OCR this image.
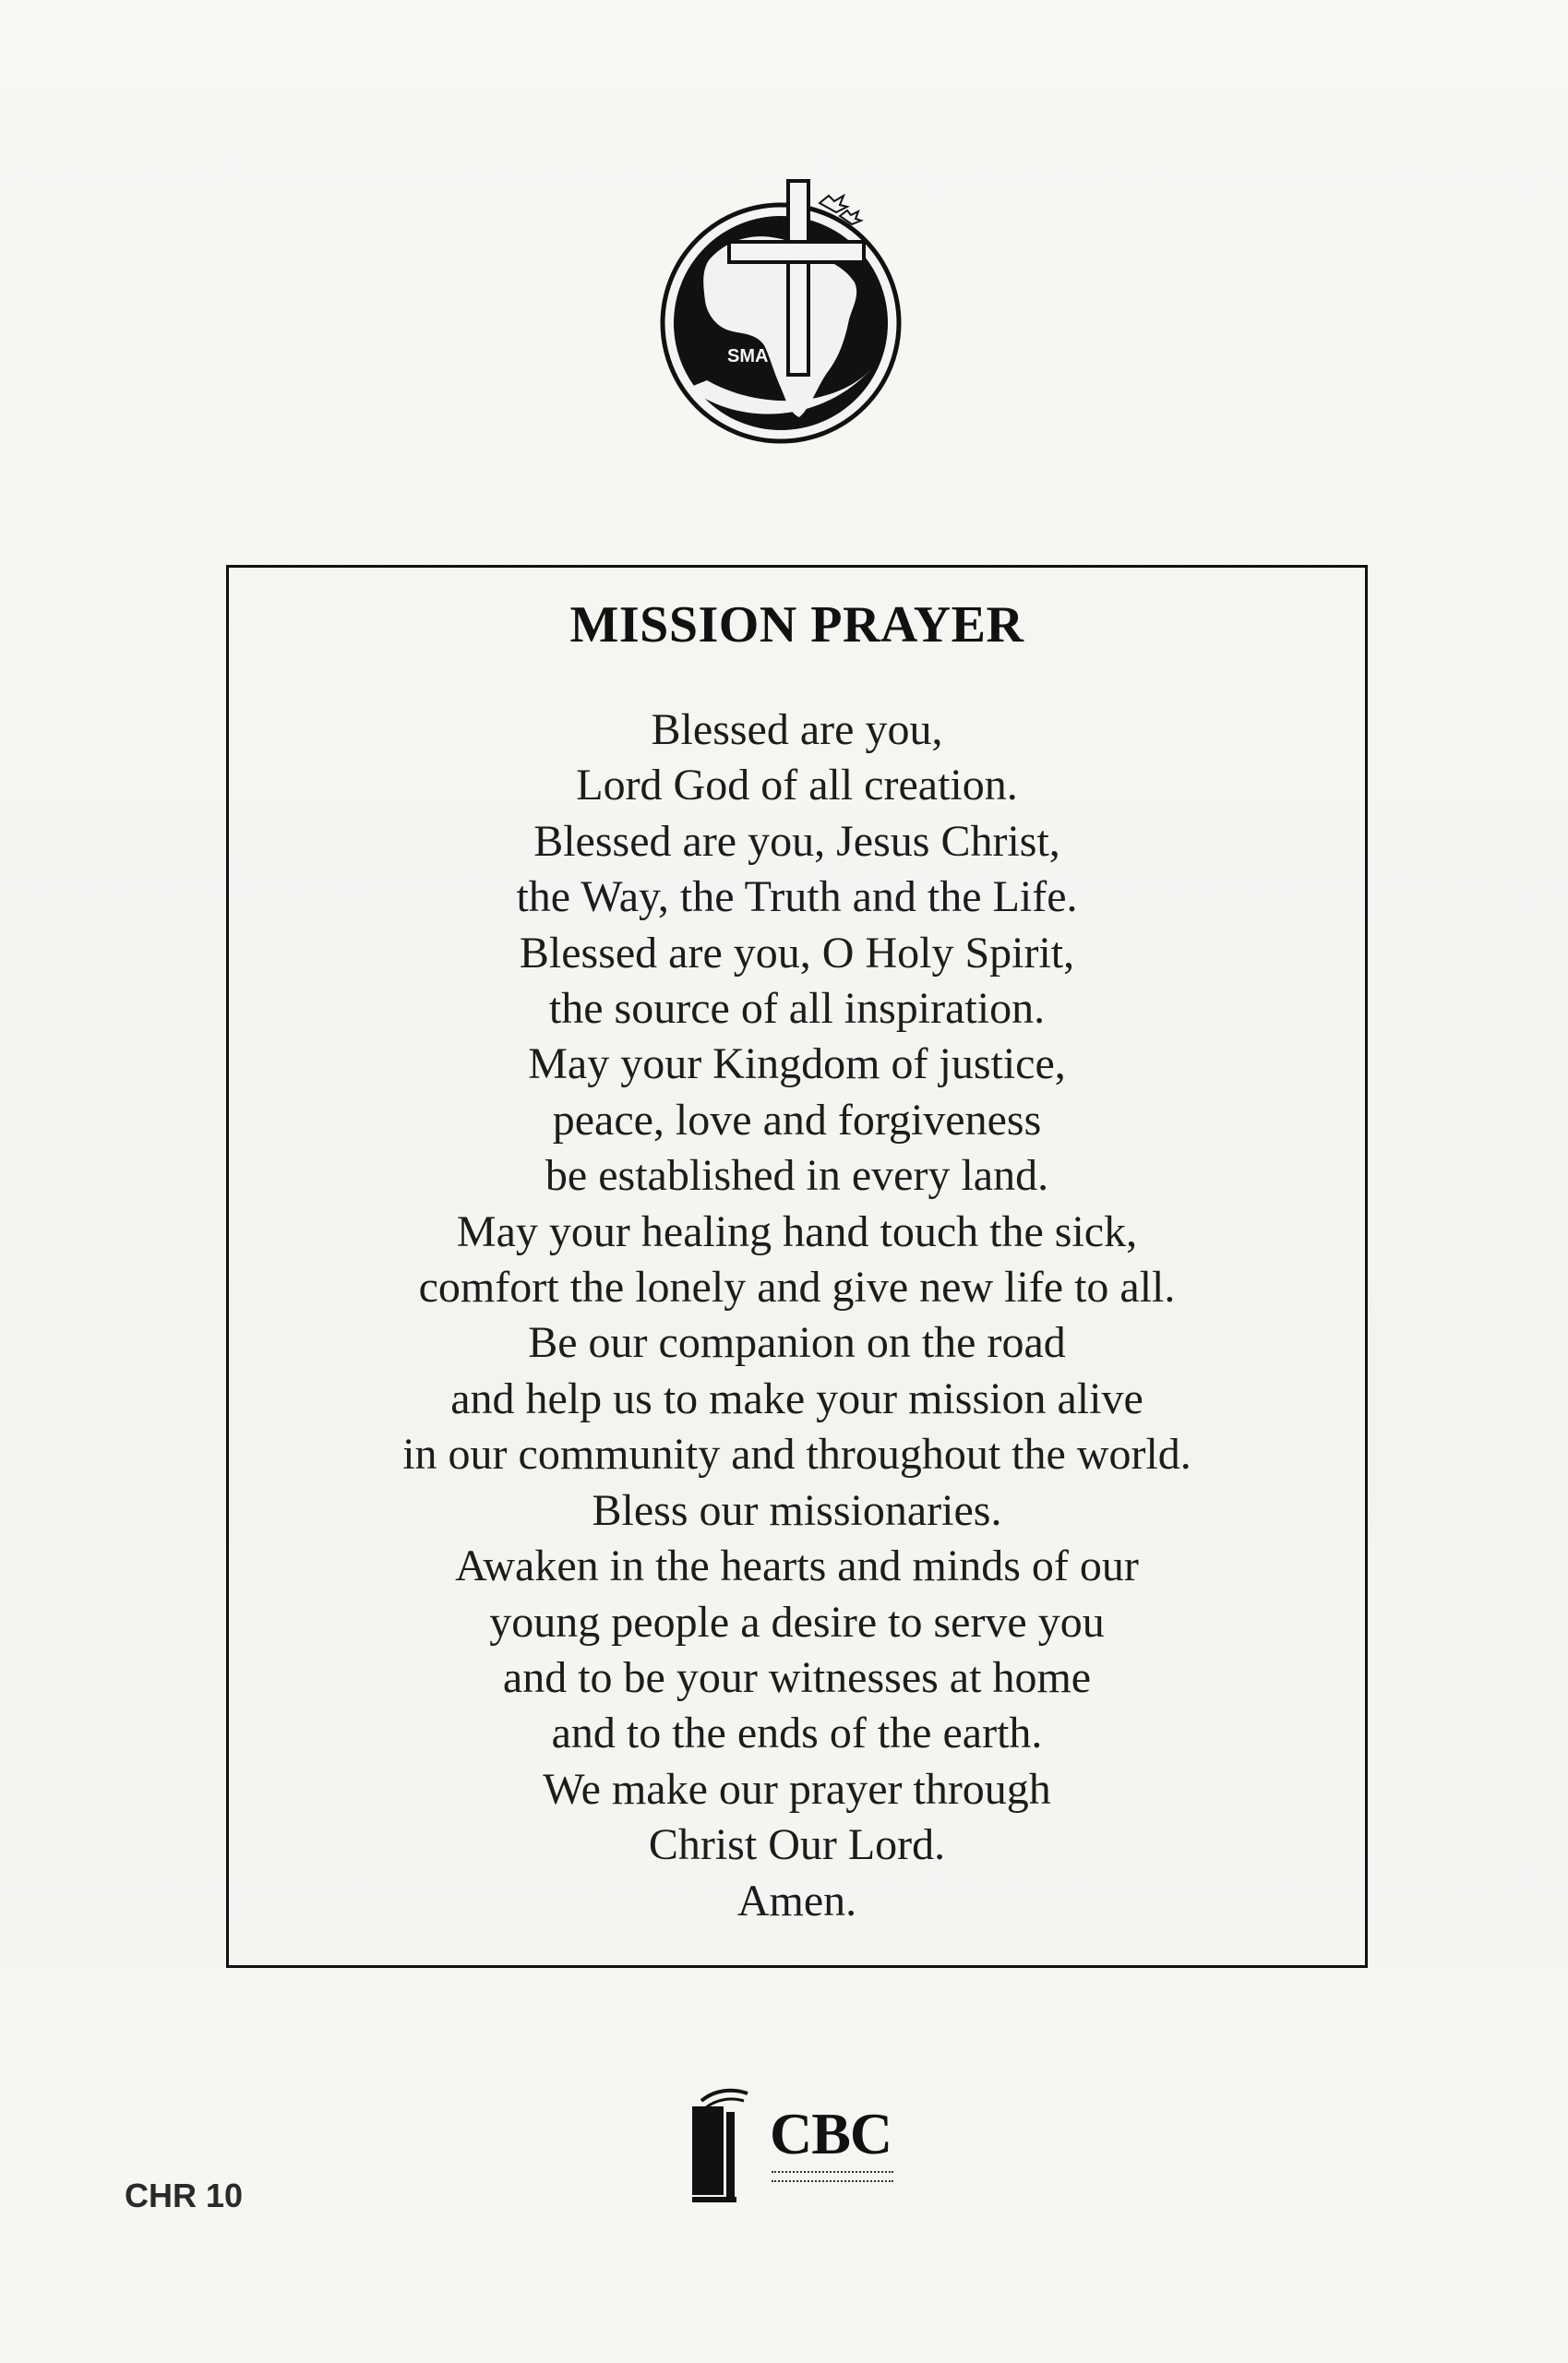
SMA
MISSION PRAYER
Blessed are you,
Lord God of all creation.
Blessed are you, Jesus Christ,
the Way, the Truth and the Life.
Blessed are you, O Holy Spirit,
the source of all inspiration.
May your Kingdom of justice,
peace, love and forgiveness
be established in every land.
May your healing hand touch the sick,
comfort the lonely and give new life to all.
Be our companion on the road
and help us to make your mission alive
in our community and throughout the world.
Bless our missionaries.
Awaken in the hearts and minds of our
young people a desire to serve you
and to be your witnesses at home
and to the ends of the earth.
We make our prayer through
Christ Our Lord.
Amen.
CBC
CHR 10
